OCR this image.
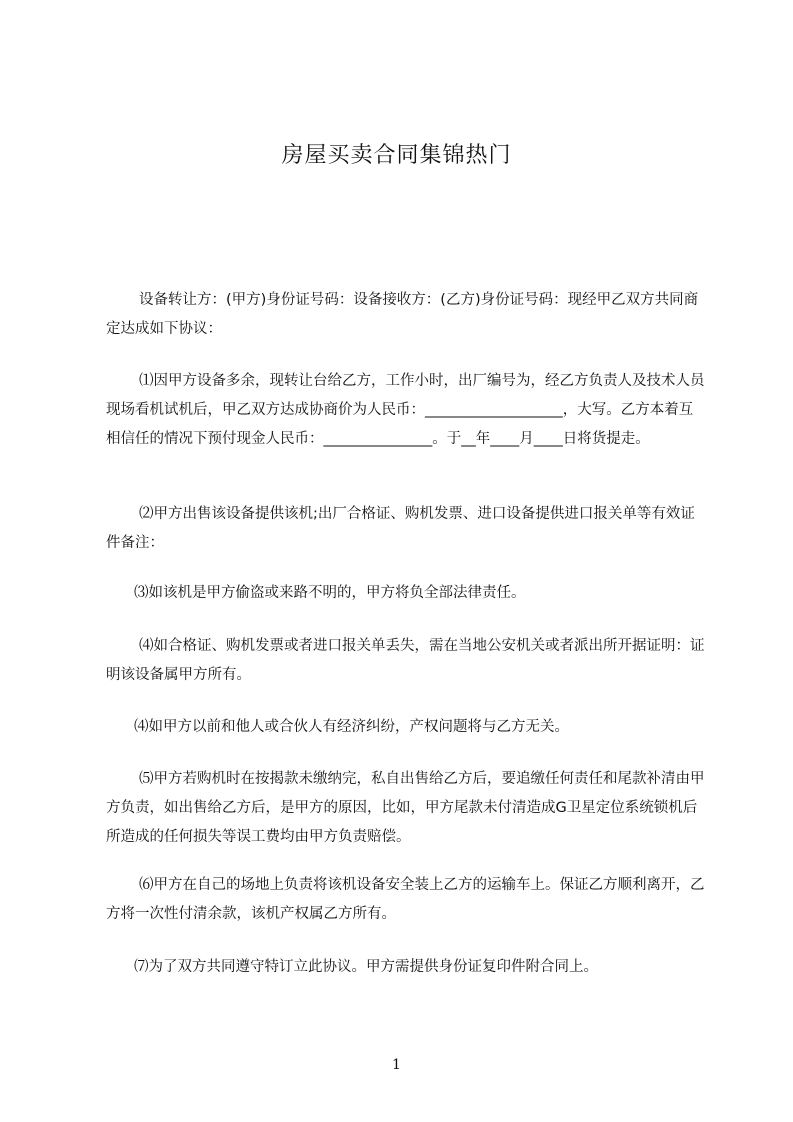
房屋买卖合同集锦热门

设备转让方：(甲方)身份证号码：设备接收方：(乙方)身份证号码：现经甲乙双方共同商定达成如下协议：

⑴因甲方设备多余，现转让台给乙方，工作小时，出厂编号为，经乙方负责人及技术人员现场看机试机后，甲乙双方达成协商价为人民币：___________________，大写。乙方本着互相信任的情况下预付现金人民币：_______________。于__年____月____日将货提走。

⑵甲方出售该设备提供该机;出厂合格证、购机发票、进口设备提供进口报关单等有效证件备注：

⑶如该机是甲方偷盗或来路不明的，甲方将负全部法律责任。

⑷如合格证、购机发票或者进口报关单丢失，需在当地公安机关或者派出所开据证明：证明该设备属甲方所有。

⑷如甲方以前和他人或合伙人有经济纠纷，产权问题将与乙方无关。

⑸甲方若购机时在按揭款未缴纳完，私自出售给乙方后，要追缴任何责任和尾款补清由甲方负责，如出售给乙方后，是甲方的原因，比如，甲方尾款未付清造成G卫星定位系统锁机后所造成的任何损失等误工费均由甲方负责赔偿。

⑹甲方在自己的场地上负责将该机设备安全装上乙方的运输车上。保证乙方顺利离开，乙方将一次性付清余款，该机产权属乙方所有。

⑺为了双方共同遵守特订立此协议。甲方需提供身份证复印件附合同上。

1
